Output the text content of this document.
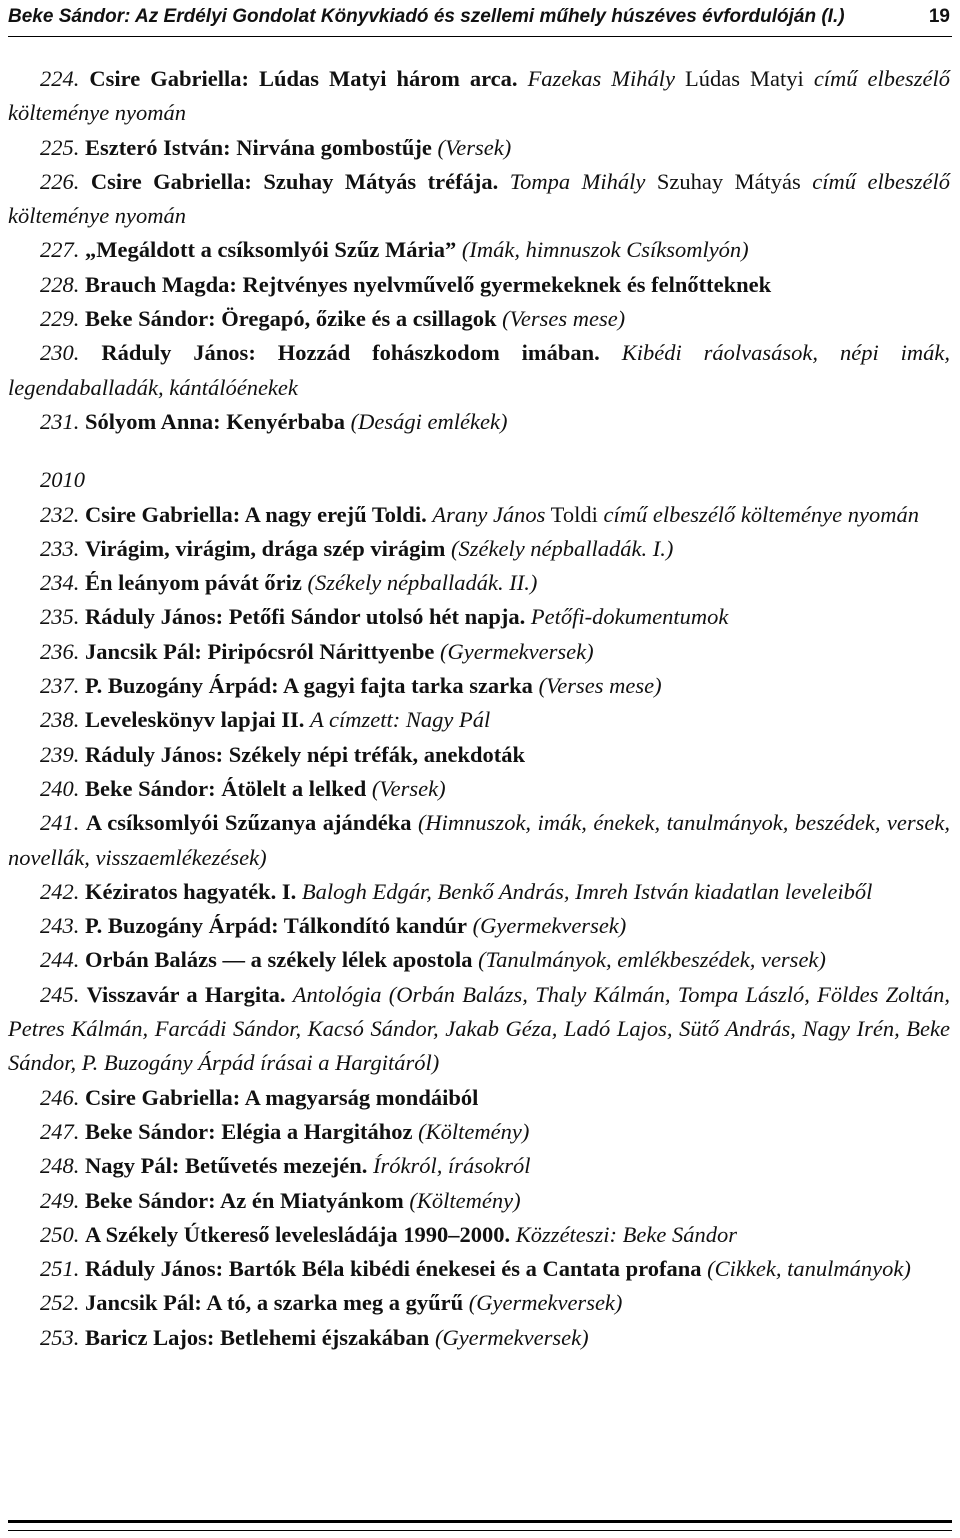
Beke Sándor: Az Erdélyi Gondolat Könyvkiadó és szellemi műhely húszéves évfordulóján (I.)	19

224. Csire Gabriella: Lúdas Matyi három arca. Fazekas Mihály Lúdas Matyi című elbeszélő költeménye nyomán

225. Eszteró István: Nirvána gombostűje (Versek)

226. Csire Gabriella: Szuhay Mátyás tréfája. Tompa Mihály Szuhay Mátyás című elbeszélő költeménye nyomán

227. „Megáldott a csíksomlyói Szűz Mária” (Imák, himnuszok Csíksomlyón)

228. Brauch Magda: Rejtvényes nyelvművelő gyermekeknek és felnőtteknek

229. Beke Sándor: Öregapó, őzike és a csillagok (Verses mese)

230. Ráduly János: Hozzád fohászkodom imában. Kibédi ráolvasások, népi imák, legendaballadák, kántálóénekek

231. Sólyom Anna: Kenyérbaba (Desági emlékek)

2010

232. Csire Gabriella: A nagy erejű Toldi. Arany János Toldi című elbeszélő költeménye nyomán

233. Virágim, virágim, drága szép virágim (Székely népballadák. I.)

234. Én leányom pávát őriz (Székely népballadák. II.)

235. Ráduly János: Petőfi Sándor utolsó hét napja. Petőfi-dokumentumok

236. Jancsik Pál: Piripócsról Nárittyenbe (Gyermekversek)

237. P. Buzogány Árpád: A gagyi fajta tarka szarka (Verses mese)

238. Leveleskönyv lapjai II. A címzett: Nagy Pál

239. Ráduly János: Székely népi tréfák, anekdoták

240. Beke Sándor: Átölelt a lelked (Versek)

241. A csíksomlyói Szűzanya ajándéka (Himnuszok, imák, énekek, tanulmányok, beszédek, versek, novellák, visszaemlékezések)

242. Kéziratos hagyaték. I. Balogh Edgár, Benkő András, Imreh István kiadatlan leveleiből

243. P. Buzogány Árpád: Tálkondító kandúr (Gyermekversek)

244. Orbán Balázs — a székely lélek apostola (Tanulmányok, emlékbeszédek, versek)

245. Visszavár a Hargita. Antológia (Orbán Balázs, Thaly Kálmán, Tompa László, Földes Zoltán, Petres Kálmán, Farcádi Sándor, Kacsó Sándor, Jakab Géza, Ladó Lajos, Sütő András, Nagy Irén, Beke Sándor, P. Buzogány Árpád írásai a Hargitáról)

246. Csire Gabriella: A magyarság mondáiból

247. Beke Sándor: Elégia a Hargitához (Költemény)

248. Nagy Pál: Betűvetés mezején. Írókról, írásokról

249. Beke Sándor: Az én Miatyánkom (Költemény)

250. A Székely Útkereső levelesládája 1990–2000. Közzéteszi: Beke Sándor

251. Ráduly János: Bartók Béla kibédi énekesei és a Cantata profana (Cikkek, tanulmányok)

252. Jancsik Pál: A tó, a szarka meg a gyűrű (Gyermekversek)

253. Baricz Lajos: Betlehemi éjszakában (Gyermekversek)
